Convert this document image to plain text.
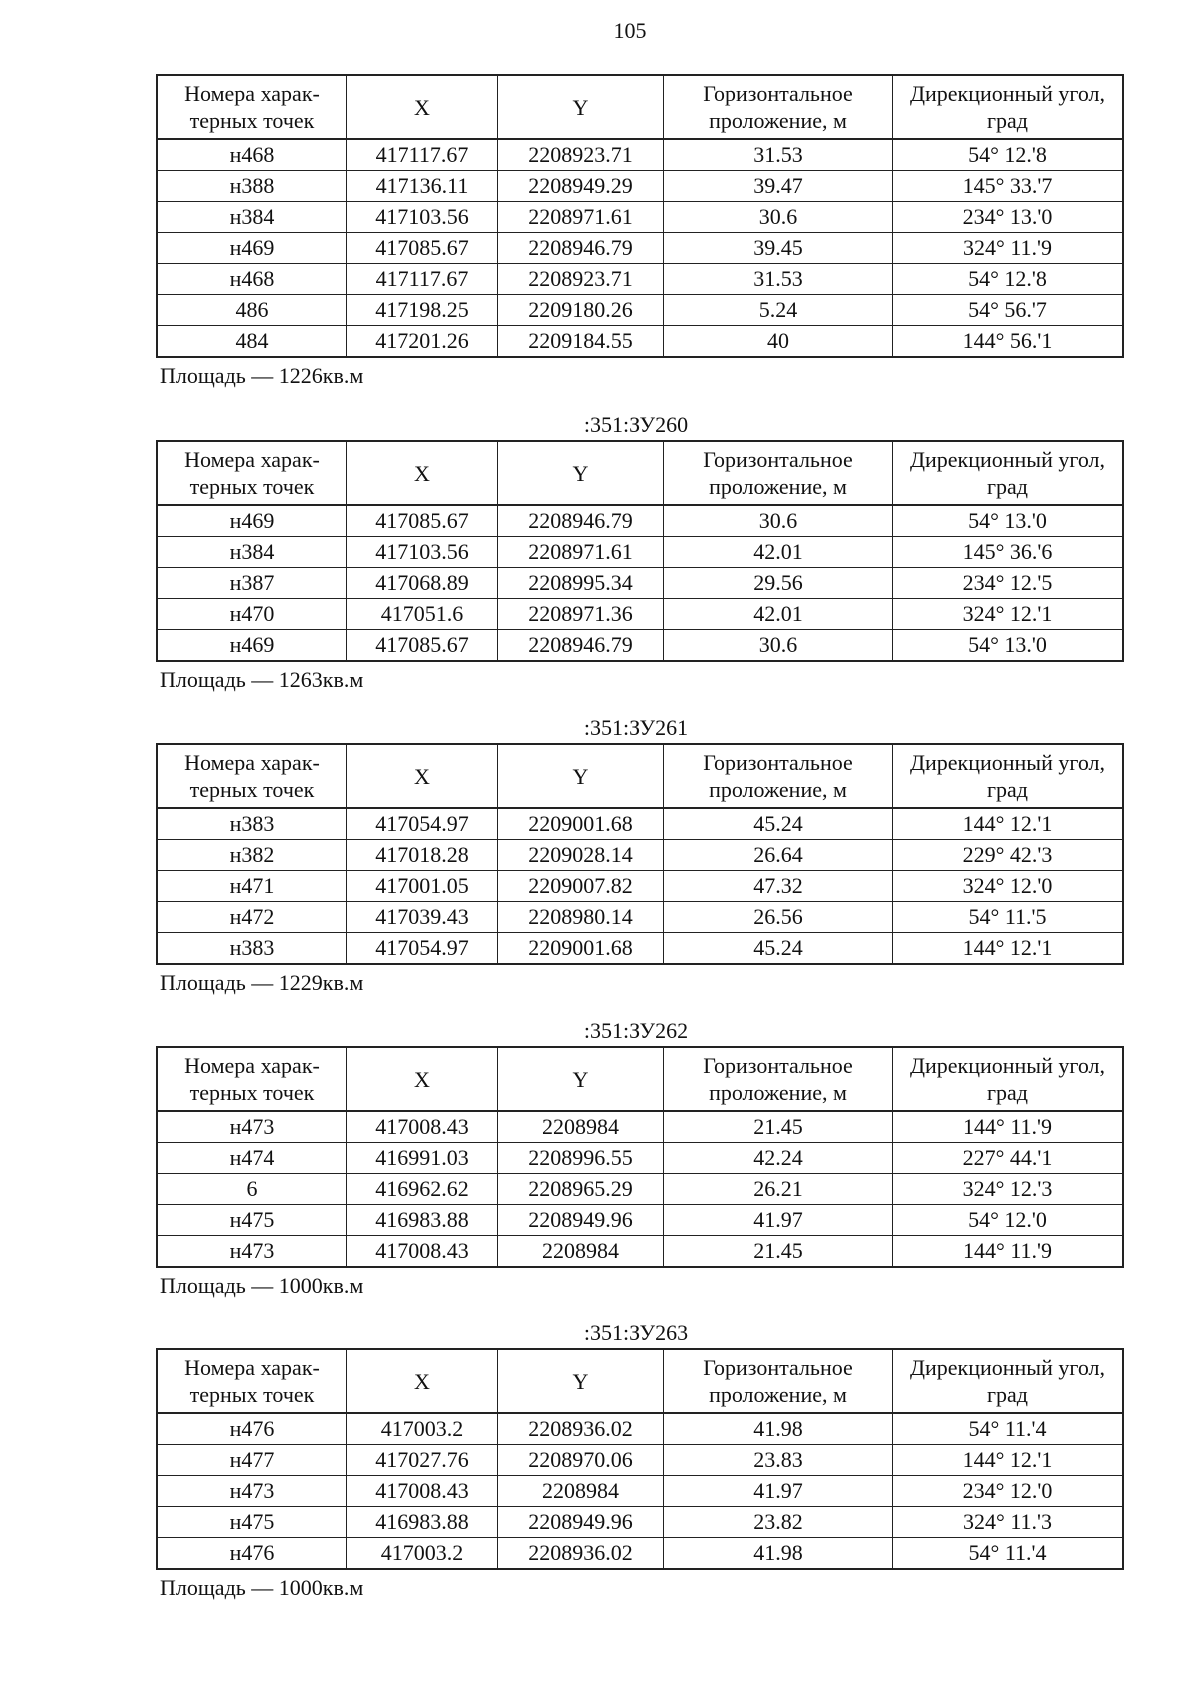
105
Номера харак-терных точек	X	Y	Горизонтальное проложение, м	Дирекционный угол, град
н468	417117.67	2208923.71	31.53	54° 12.'8
н388	417136.11	2208949.29	39.47	145° 33.'7
н384	417103.56	2208971.61	30.6	234° 13.'0
н469	417085.67	2208946.79	39.45	324° 11.'9
н468	417117.67	2208923.71	31.53	54° 12.'8
486	417198.25	2209180.26	5.24	54° 56.'7
484	417201.26	2209184.55	40	144° 56.'1
Площадь — 1226кв.м
:351:ЗУ260
Номера харак-терных точек	X	Y	Горизонтальное проложение, м	Дирекционный угол, град
н469	417085.67	2208946.79	30.6	54° 13.'0
н384	417103.56	2208971.61	42.01	145° 36.'6
н387	417068.89	2208995.34	29.56	234° 12.'5
н470	417051.6	2208971.36	42.01	324° 12.'1
н469	417085.67	2208946.79	30.6	54° 13.'0
Площадь — 1263кв.м
:351:ЗУ261
Номера харак-терных точек	X	Y	Горизонтальное проложение, м	Дирекционный угол, град
н383	417054.97	2209001.68	45.24	144° 12.'1
н382	417018.28	2209028.14	26.64	229° 42.'3
н471	417001.05	2209007.82	47.32	324° 12.'0
н472	417039.43	2208980.14	26.56	54° 11.'5
н383	417054.97	2209001.68	45.24	144° 12.'1
Площадь — 1229кв.м
:351:ЗУ262
Номера харак-терных точек	X	Y	Горизонтальное проложение, м	Дирекционный угол, град
н473	417008.43	2208984	21.45	144° 11.'9
н474	416991.03	2208996.55	42.24	227° 44.'1
6	416962.62	2208965.29	26.21	324° 12.'3
н475	416983.88	2208949.96	41.97	54° 12.'0
н473	417008.43	2208984	21.45	144° 11.'9
Площадь — 1000кв.м
:351:ЗУ263
Номера харак-терных точек	X	Y	Горизонтальное проложение, м	Дирекционный угол, град
н476	417003.2	2208936.02	41.98	54° 11.'4
н477	417027.76	2208970.06	23.83	144° 12.'1
н473	417008.43	2208984	41.97	234° 12.'0
н475	416983.88	2208949.96	23.82	324° 11.'3
н476	417003.2	2208936.02	41.98	54° 11.'4
Площадь — 1000кв.м
